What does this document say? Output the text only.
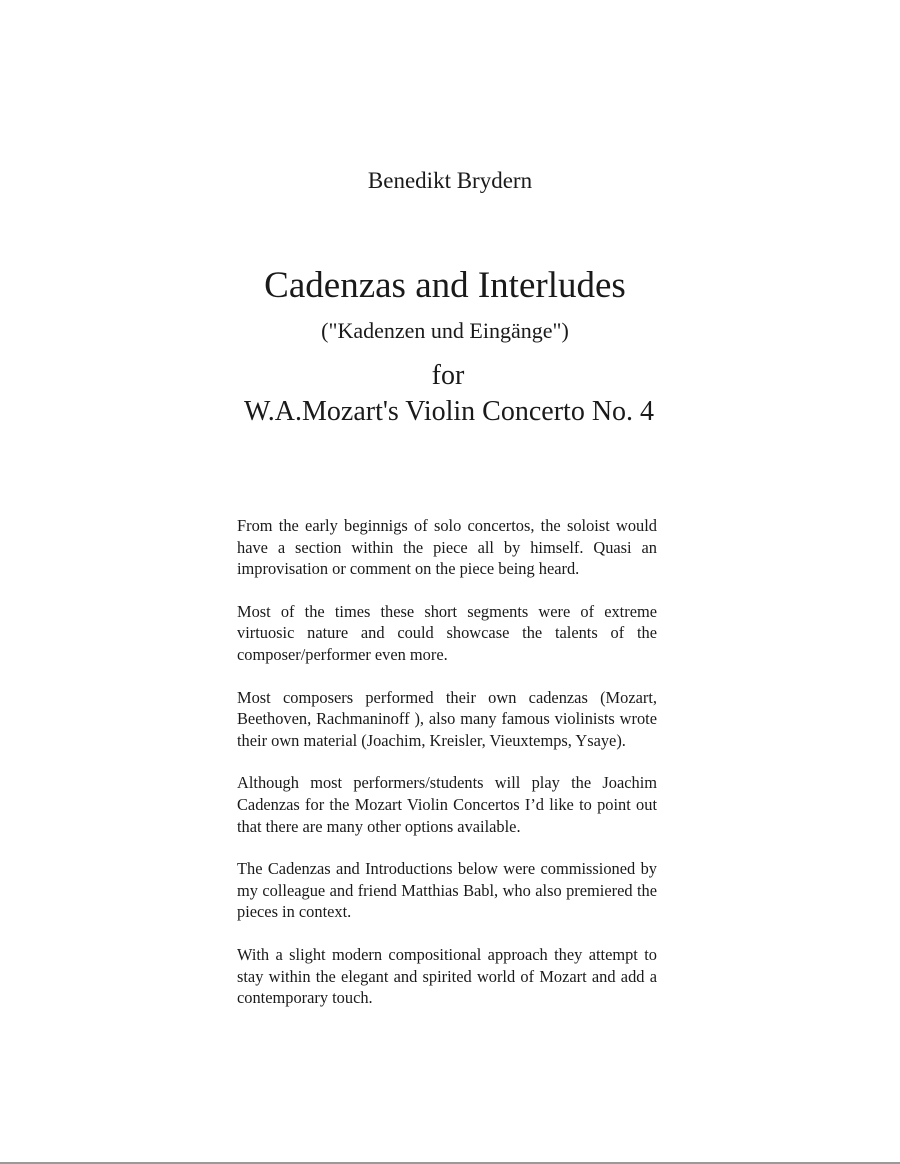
Benedikt Brydern
Cadenzas and Interludes
("Kadenzen und Eingänge")
for
W.A.Mozart's Violin Concerto No. 4

From the early beginnigs of solo concertos, the soloist would have a section within the piece all by himself. Quasi an improvisation or comment on the piece being heard.

Most of the times these short segments were of extreme virtuosic nature and could showcase the talents of the composer/performer even more.

Most composers performed their own cadenzas (Mozart, Beethoven, Rachmaninoff ), also many famous violinists wrote their own material (Joachim, Kreisler, Vieuxtemps, Ysaye).

Although most performers/students will play the Joachim Cadenzas for the Mozart Violin Concertos I’d like to point out that there are many other options available.

The Cadenzas and Introductions below were commissioned by my colleague and friend Matthias Babl, who also premiered the pieces in context.

With a slight modern compositional approach they attempt to stay within the elegant and spirited world of Mozart and add a contemporary touch.
